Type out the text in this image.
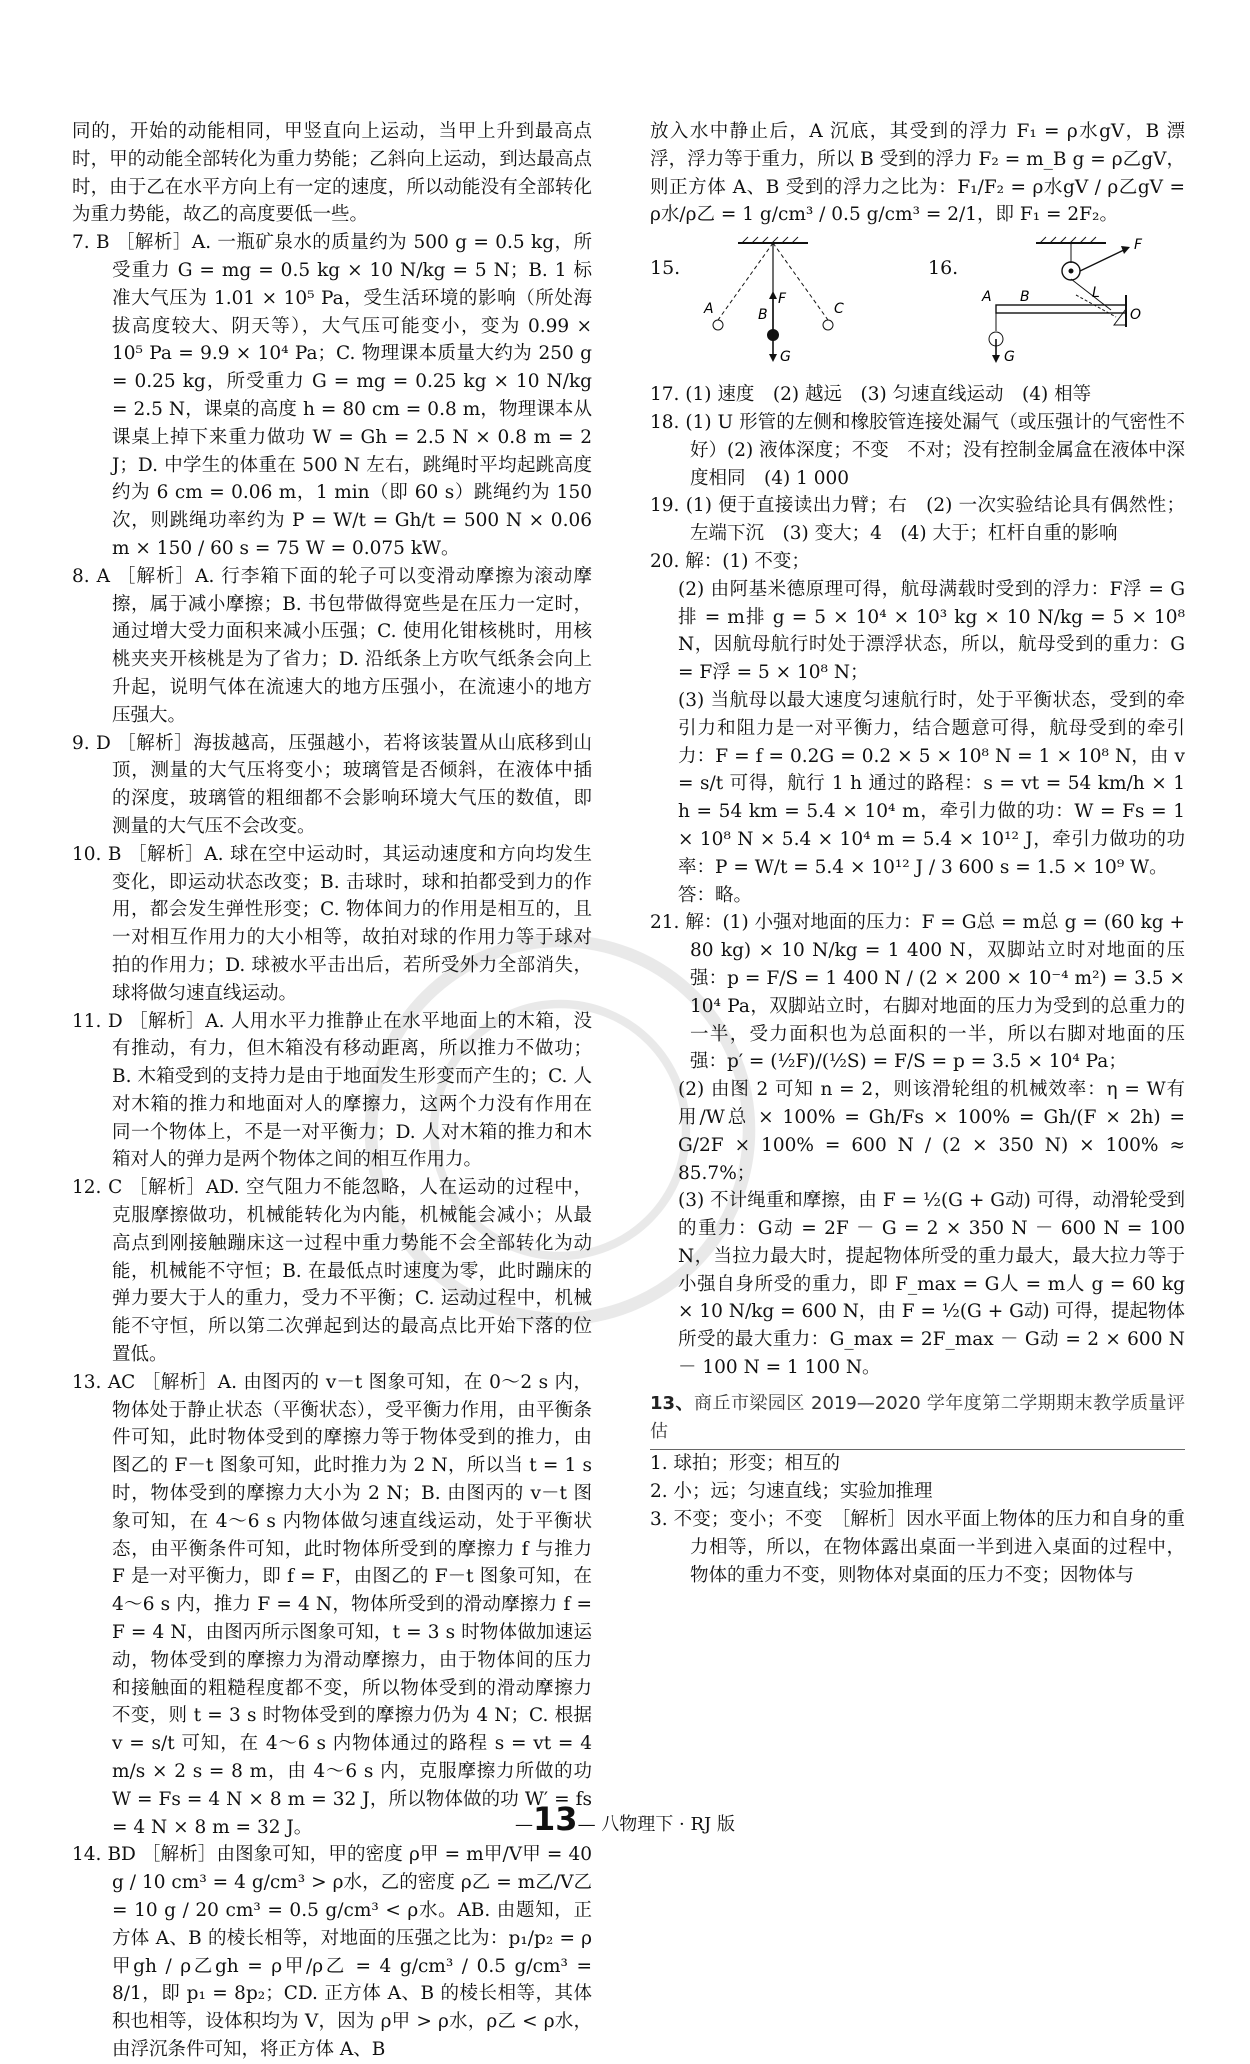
同的，开始的动能相同，甲竖直向上运动，当甲上升到最高点时，甲的动能全部转化为重力势能；乙斜向上运动，到达最高点时，由于乙在水平方向上有一定的速度，所以动能没有全部转化为重力势能，故乙的高度要低一些。

7. B ［解析］A. 一瓶矿泉水的质量约为 500 g = 0.5 kg，所受重力 G = mg = 0.5 kg × 10 N/kg = 5 N；B. 1 标准大气压为 1.01 × 10⁵ Pa，受生活环境的影响（所处海拔高度较大、阴天等），大气压可能变小，变为 0.99 × 10⁵ Pa = 9.9 × 10⁴ Pa；C. 物理课本质量大约为 250 g = 0.25 kg，所受重力 G = mg = 0.25 kg × 10 N/kg = 2.5 N，课桌的高度 h = 80 cm = 0.8 m，物理课本从课桌上掉下来重力做功 W = Gh = 2.5 N × 0.8 m = 2 J；D. 中学生的体重在 500 N 左右，跳绳时平均起跳高度约为 6 cm = 0.06 m，1 min（即 60 s）跳绳约为 150 次，则跳绳功率约为 P = W/t = Gh/t = 500 N × 0.06 m × 150 / 60 s = 75 W = 0.075 kW。

8. A ［解析］A. 行李箱下面的轮子可以变滑动摩擦为滚动摩擦，属于减小摩擦；B. 书包带做得宽些是在压力一定时，通过增大受力面积来减小压强；C. 使用化钳核桃时，用核桃夹夹开核桃是为了省力；D. 沿纸条上方吹气纸条会向上升起，说明气体在流速大的地方压强小，在流速小的地方压强大。

9. D ［解析］海拔越高，压强越小，若将该装置从山底移到山顶，测量的大气压将变小；玻璃管是否倾斜，在液体中插的深度，玻璃管的粗细都不会影响环境大气压的数值，即测量的大气压不会改变。

10. B ［解析］A. 球在空中运动时，其运动速度和方向均发生变化，即运动状态改变；B. 击球时，球和拍都受到力的作用，都会发生弹性形变；C. 物体间力的作用是相互的，且一对相互作用力的大小相等，故拍对球的作用力等于球对拍的作用力；D. 球被水平击出后，若所受外力全部消失，球将做匀速直线运动。

11. D ［解析］A. 人用水平力推静止在水平地面上的木箱，没有推动，有力，但木箱没有移动距离，所以推力不做功；B. 木箱受到的支持力是由于地面发生形变而产生的；C. 人对木箱的推力和地面对人的摩擦力，这两个力没有作用在同一个物体上，不是一对平衡力；D. 人对木箱的推力和木箱对人的弹力是两个物体之间的相互作用力。

12. C ［解析］AD. 空气阻力不能忽略，人在运动的过程中，克服摩擦做功，机械能转化为内能，机械能会减小；从最高点到刚接触蹦床这一过程中重力势能不会全部转化为动能，机械能不守恒；B. 在最低点时速度为零，此时蹦床的弹力要大于人的重力，受力不平衡；C. 运动过程中，机械能不守恒，所以第二次弹起到达的最高点比开始下落的位置低。

13. AC ［解析］A. 由图丙的 v－t 图象可知，在 0～2 s 内，物体处于静止状态（平衡状态），受平衡力作用，由平衡条件可知，此时物体受到的摩擦力等于物体受到的推力，由图乙的 F－t 图象可知，此时推力为 2 N，所以当 t = 1 s 时，物体受到的摩擦力大小为 2 N；B. 由图丙的 v－t 图象可知，在 4～6 s 内物体做匀速直线运动，处于平衡状态，由平衡条件可知，此时物体所受到的摩擦力 f 与推力 F 是一对平衡力，即 f = F，由图乙的 F－t 图象可知，在 4～6 s 内，推力 F = 4 N，物体所受到的滑动摩擦力 f = F = 4 N，由图丙所示图象可知，t = 3 s 时物体做加速运动，物体受到的摩擦力为滑动摩擦力，由于物体间的压力和接触面的粗糙程度都不变，所以物体受到的滑动摩擦力不变，则 t = 3 s 时物体受到的摩擦力仍为 4 N；C. 根据 v = s/t 可知，在 4～6 s 内物体通过的路程 s = vt = 4 m/s × 2 s = 8 m，由 4～6 s 内，克服摩擦力所做的功 W = Fs = 4 N × 8 m = 32 J，所以物体做的功 W′ = fs = 4 N × 8 m = 32 J。

14. BD ［解析］由图象可知，甲的密度 ρ甲 = m甲/V甲 = 40 g / 10 cm³ = 4 g/cm³ > ρ水，乙的密度 ρ乙 = m乙/V乙 = 10 g / 20 cm³ = 0.5 g/cm³ < ρ水。AB. 由题知，正方体 A、B 的棱长相等，对地面的压强之比为：p₁/p₂ = ρ甲gh / ρ乙gh = ρ甲/ρ乙 = 4 g/cm³ / 0.5 g/cm³ = 8/1，即 p₁ = 8p₂；CD. 正方体 A、B 的棱长相等，其体积也相等，设体积均为 V，因为 ρ甲 > ρ水，ρ乙 < ρ水，由浮沉条件可知，将正方体 A、B

放入水中静止后，A 沉底，其受到的浮力 F₁ = ρ水gV，B 漂浮，浮力等于重力，所以 B 受到的浮力 F₂ = m_B g = ρ乙gV，则正方体 A、B 受到的浮力之比为：F₁/F₂ = ρ水gV / ρ乙gV = ρ水/ρ乙 = 1 g/cm³ / 0.5 g/cm³ = 2/1，即 F₁ = 2F₂。

15.
A	B	C
F
G
16.
A B
O
F
L
G

17. (1) 速度　(2) 越远　(3) 匀速直线运动　(4) 相等

18. (1) U 形管的左侧和橡胶管连接处漏气（或压强计的气密性不好）(2) 液体深度；不变　不对；没有控制金属盒在液体中深度相同　(4) 1 000

19. (1) 便于直接读出力臂；右　(2) 一次实验结论具有偶然性；左端下沉　(3) 变大；4　(4) 大于；杠杆自重的影响

20. 解：(1) 不变；

(2) 由阿基米德原理可得，航母满载时受到的浮力：F浮 = G排 = m排 g = 5 × 10⁴ × 10³ kg × 10 N/kg = 5 × 10⁸ N，因航母航行时处于漂浮状态，所以，航母受到的重力：G = F浮 = 5 × 10⁸ N；

(3) 当航母以最大速度匀速航行时，处于平衡状态，受到的牵引力和阻力是一对平衡力，结合题意可得，航母受到的牵引力：F = f = 0.2G = 0.2 × 5 × 10⁸ N = 1 × 10⁸ N，由 v = s/t 可得，航行 1 h 通过的路程：s = vt = 54 km/h × 1 h = 54 km = 5.4 × 10⁴ m，牵引力做的功：W = Fs = 1 × 10⁸ N × 5.4 × 10⁴ m = 5.4 × 10¹² J，牵引力做功的功率：P = W/t = 5.4 × 10¹² J / 3 600 s = 1.5 × 10⁹ W。

答：略。

21. 解：(1) 小强对地面的压力：F = G总 = m总 g = (60 kg + 80 kg) × 10 N/kg = 1 400 N，双脚站立时对地面的压强：p = F/S = 1 400 N / (2 × 200 × 10⁻⁴ m²) = 3.5 × 10⁴ Pa，双脚站立时，右脚对地面的压力为受到的总重力的一半，受力面积也为总面积的一半，所以右脚对地面的压强：p′ = (½F)/(½S) = F/S = p = 3.5 × 10⁴ Pa；

(2) 由图 2 可知 n = 2，则该滑轮组的机械效率：η = W有用/W总 × 100% = Gh/Fs × 100% = Gh/(F × 2h) = G/2F × 100% = 600 N / (2 × 350 N) × 100% ≈ 85.7%；

(3) 不计绳重和摩擦，由 F = ½(G + G动) 可得，动滑轮受到的重力：G动 = 2F － G = 2 × 350 N － 600 N = 100 N，当拉力最大时，提起物体所受的重力最大，最大拉力等于小强自身所受的重力，即 F_max = G人 = m人 g = 60 kg × 10 N/kg = 600 N，由 F = ½(G + G动) 可得，提起物体所受的最大重力：G_max = 2F_max － G动 = 2 × 600 N － 100 N = 1 100 N。

13、商丘市梁园区 2019—2020 学年度第二学期期末教学质量评估

1. 球拍；形变；相互的

2. 小；远；匀速直线；实验加推理

3. 不变；变小；不变　［解析］因水平面上物体的压力和自身的重力相等，所以，在物体露出桌面一半到进入桌面的过程中，物体的重力不变，则物体对桌面的压力不变；因物体与

—13— 八物理下 · RJ 版
